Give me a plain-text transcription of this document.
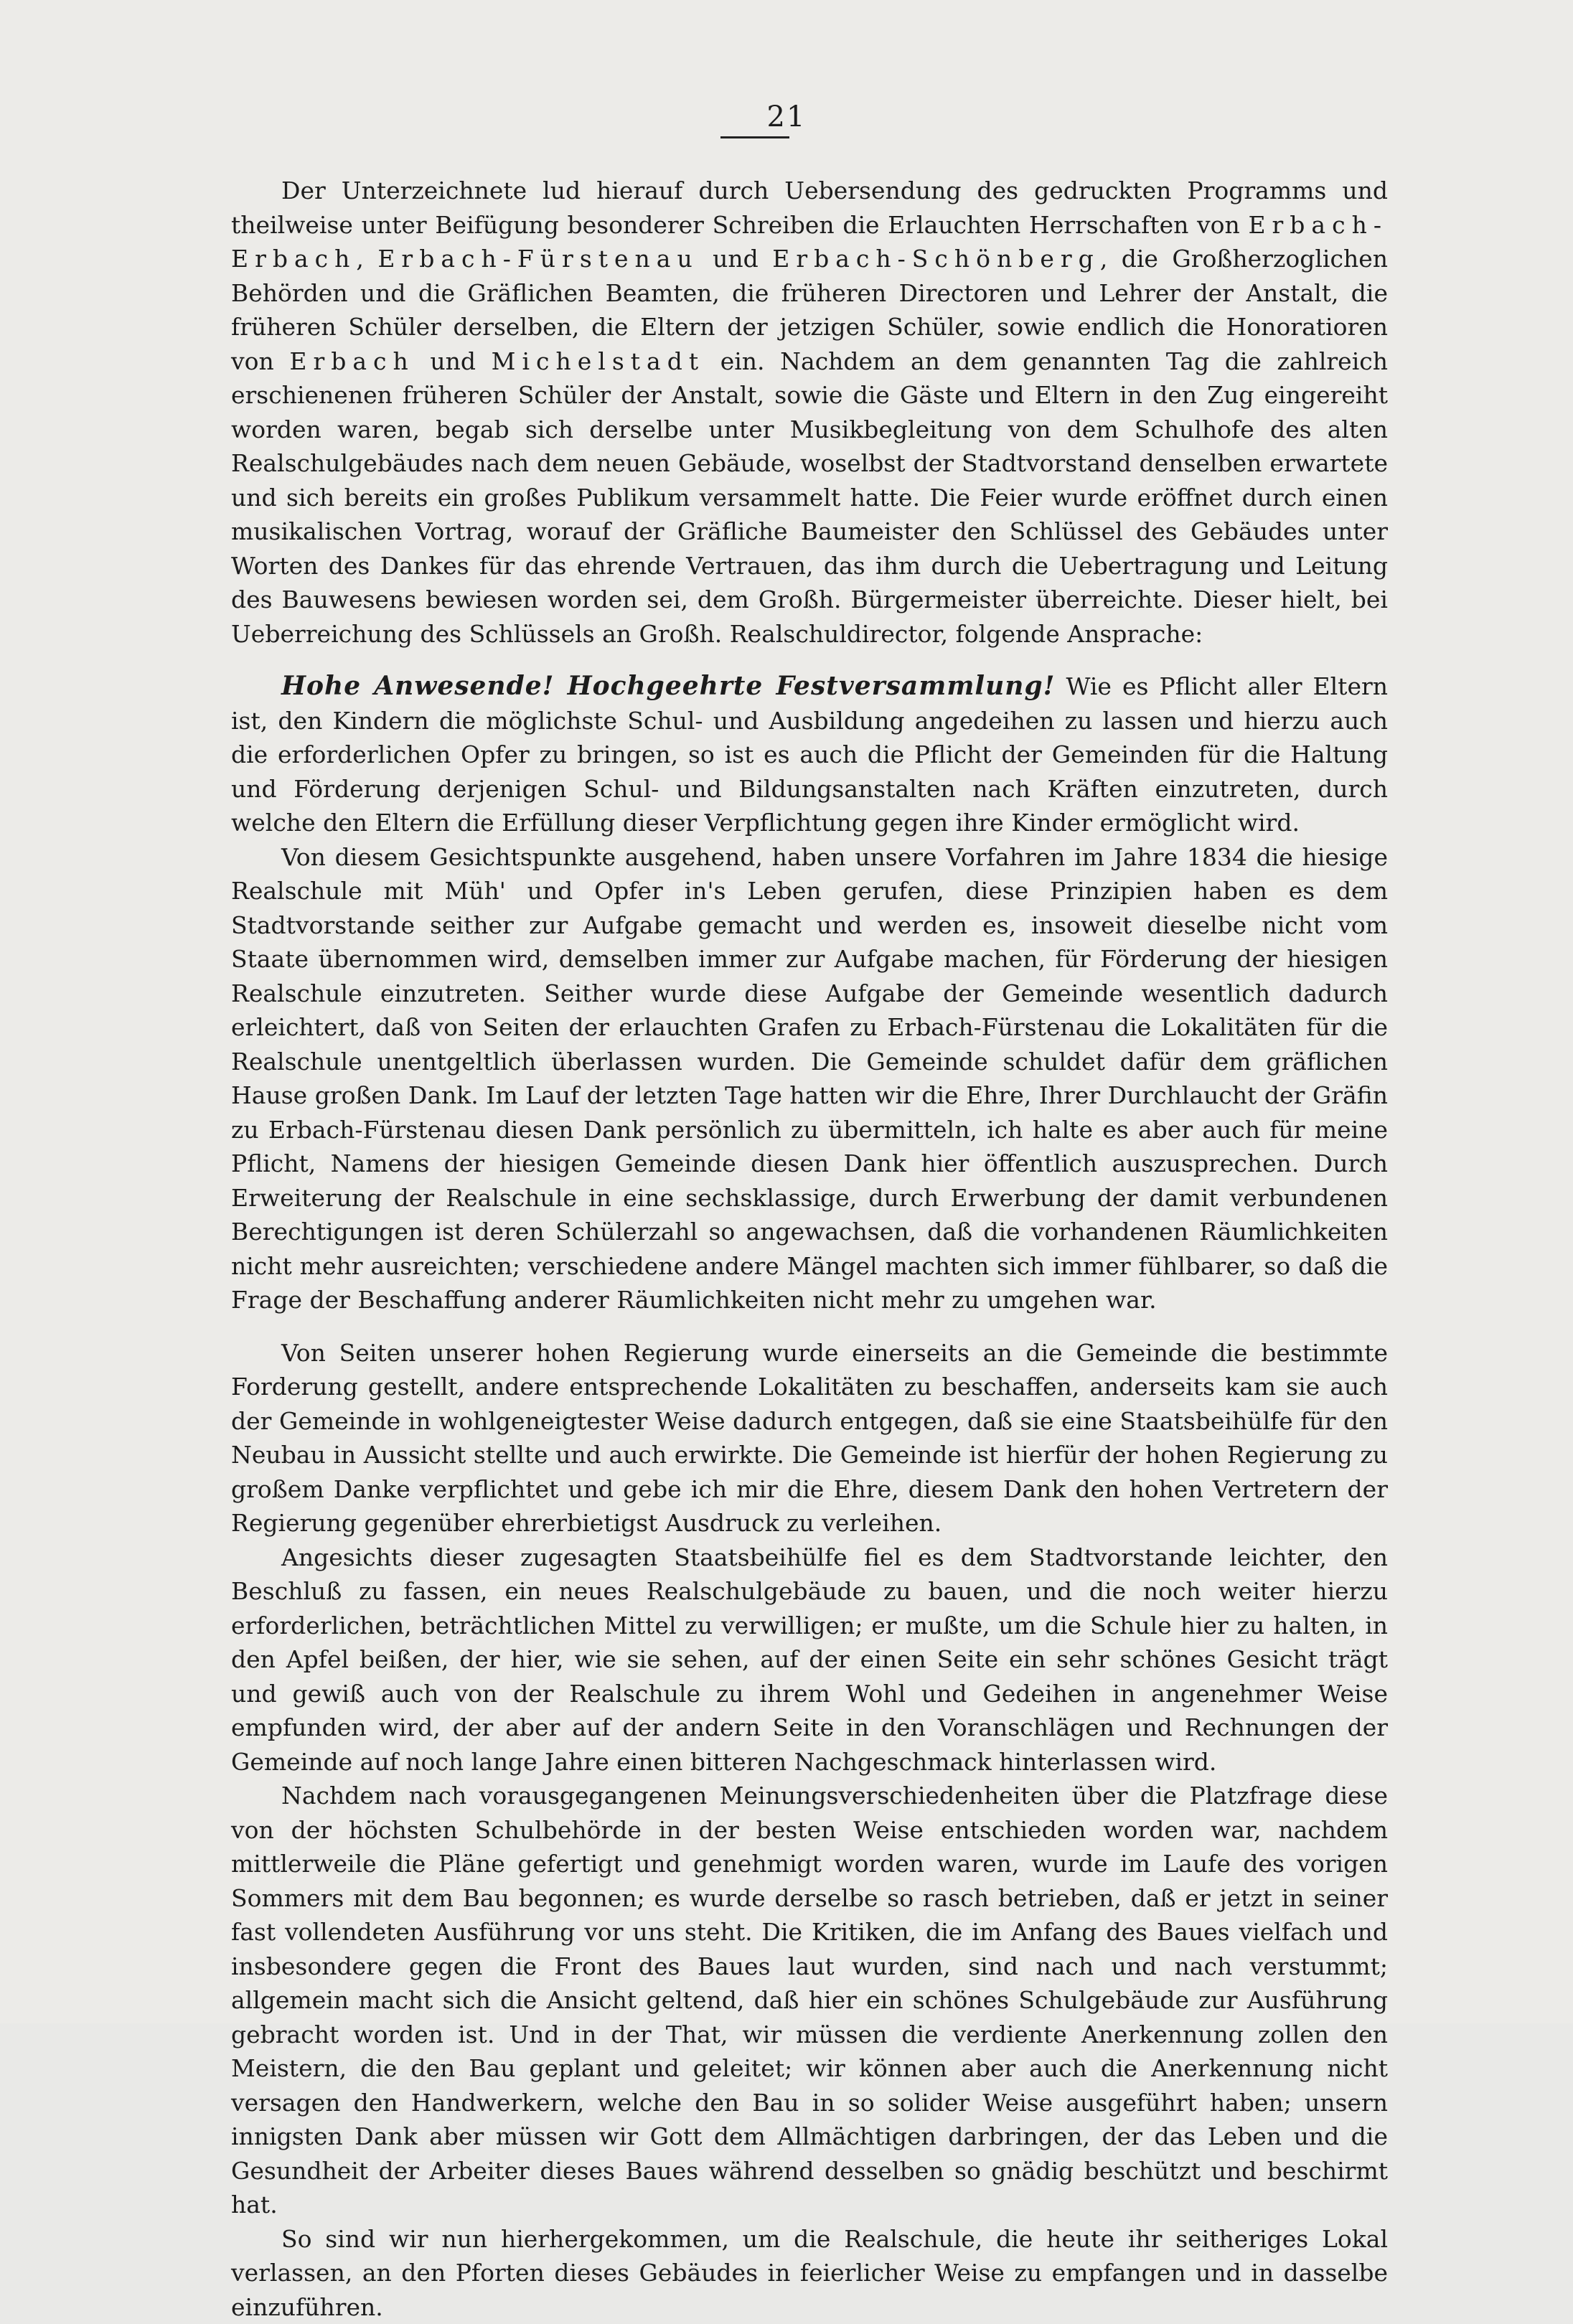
21

Der Unterzeichnete lud hierauf durch Uebersendung des gedruckten Programms und theilweise unter Beifügung besonderer Schreiben die Erlauchten Herrschaften von Erbach-Erbach, Erbach-Fürstenau und Erbach-Schönberg, die Großherzoglichen Behörden und die Gräflichen Beamten, die früheren Directoren und Lehrer der Anstalt, die früheren Schüler derselben, die Eltern der jetzigen Schüler, sowie endlich die Honoratioren von Erbach und Michelstadt ein. Nachdem an dem genannten Tag die zahlreich erschienenen früheren Schüler der Anstalt, sowie die Gäste und Eltern in den Zug eingereiht worden waren, begab sich derselbe unter Musikbegleitung von dem Schulhofe des alten Realschulgebäudes nach dem neuen Gebäude, woselbst der Stadtvorstand denselben erwartete und sich bereits ein großes Publikum versammelt hatte. Die Feier wurde eröffnet durch einen musikalischen Vortrag, worauf der Gräfliche Baumeister den Schlüssel des Gebäudes unter Worten des Dankes für das ehrende Vertrauen, das ihm durch die Uebertragung und Leitung des Bauwesens bewiesen worden sei, dem Großh. Bürgermeister überreichte. Dieser hielt, bei Ueberreichung des Schlüssels an Großh. Realschuldirector, folgende Ansprache:

Hohe Anwesende! Hochgeehrte Festversammlung! Wie es Pflicht aller Eltern ist, den Kindern die möglichste Schul- und Ausbildung angedeihen zu lassen und hierzu auch die erforderlichen Opfer zu bringen, so ist es auch die Pflicht der Gemeinden für die Haltung und Förderung derjenigen Schul- und Bildungsanstalten nach Kräften einzutreten, durch welche den Eltern die Erfüllung dieser Verpflichtung gegen ihre Kinder ermöglicht wird.

Von diesem Gesichtspunkte ausgehend, haben unsere Vorfahren im Jahre 1834 die hiesige Realschule mit Müh' und Opfer in's Leben gerufen, diese Prinzipien haben es dem Stadtvorstande seither zur Aufgabe gemacht und werden es, insoweit dieselbe nicht vom Staate übernommen wird, demselben immer zur Aufgabe machen, für Förderung der hiesigen Realschule einzutreten. Seither wurde diese Aufgabe der Gemeinde wesentlich dadurch erleichtert, daß von Seiten der erlauchten Grafen zu Erbach-Fürstenau die Lokalitäten für die Realschule unentgeltlich überlassen wurden. Die Gemeinde schuldet dafür dem gräflichen Hause großen Dank. Im Lauf der letzten Tage hatten wir die Ehre, Ihrer Durchlaucht der Gräfin zu Erbach-Fürstenau diesen Dank persönlich zu übermitteln, ich halte es aber auch für meine Pflicht, Namens der hiesigen Gemeinde diesen Dank hier öffentlich auszusprechen. Durch Erweiterung der Realschule in eine sechsklassige, durch Erwerbung der damit verbundenen Berechtigungen ist deren Schülerzahl so angewachsen, daß die vorhandenen Räumlichkeiten nicht mehr ausreichten; verschiedene andere Mängel machten sich immer fühlbarer, so daß die Frage der Beschaffung anderer Räumlichkeiten nicht mehr zu umgehen war.

Von Seiten unserer hohen Regierung wurde einerseits an die Gemeinde die bestimmte Forderung gestellt, andere entsprechende Lokalitäten zu beschaffen, anderseits kam sie auch der Gemeinde in wohlgeneigtester Weise dadurch entgegen, daß sie eine Staatsbeihülfe für den Neubau in Aussicht stellte und auch erwirkte. Die Gemeinde ist hierfür der hohen Regierung zu großem Danke verpflichtet und gebe ich mir die Ehre, diesem Dank den hohen Vertretern der Regierung gegenüber ehrerbietigst Ausdruck zu verleihen.

Angesichts dieser zugesagten Staatsbeihülfe fiel es dem Stadtvorstande leichter, den Beschluß zu fassen, ein neues Realschulgebäude zu bauen, und die noch weiter hierzu erforderlichen, beträchtlichen Mittel zu verwilligen; er mußte, um die Schule hier zu halten, in den Apfel beißen, der hier, wie sie sehen, auf der einen Seite ein sehr schönes Gesicht trägt und gewiß auch von der Realschule zu ihrem Wohl und Gedeihen in angenehmer Weise empfunden wird, der aber auf der andern Seite in den Voranschlägen und Rechnungen der Gemeinde auf noch lange Jahre einen bitteren Nachgeschmack hinterlassen wird.

Nachdem nach vorausgegangenen Meinungsverschiedenheiten über die Platzfrage diese von der höchsten Schulbehörde in der besten Weise entschieden worden war, nachdem mittlerweile die Pläne gefertigt und genehmigt worden waren, wurde im Laufe des vorigen Sommers mit dem Bau begonnen; es wurde derselbe so rasch betrieben, daß er jetzt in seiner fast vollendeten Ausführung vor uns steht. Die Kritiken, die im Anfang des Baues vielfach und insbesondere gegen die Front des Baues laut wurden, sind nach und nach verstummt; allgemein macht sich die Ansicht geltend, daß hier ein schönes Schulgebäude zur Ausführung gebracht worden ist. Und in der That, wir müssen die verdiente Anerkennung zollen den Meistern, die den Bau geplant und geleitet; wir können aber auch die Anerkennung nicht versagen den Handwerkern, welche den Bau in so solider Weise ausgeführt haben; unsern innigsten Dank aber müssen wir Gott dem Allmächtigen darbringen, der das Leben und die Gesundheit der Arbeiter dieses Baues während desselben so gnädig beschützt und beschirmt hat.

So sind wir nun hierhergekommen, um die Realschule, die heute ihr seitheriges Lokal verlassen, an den Pforten dieses Gebäudes in feierlicher Weise zu empfangen und in dasselbe einzuführen.
